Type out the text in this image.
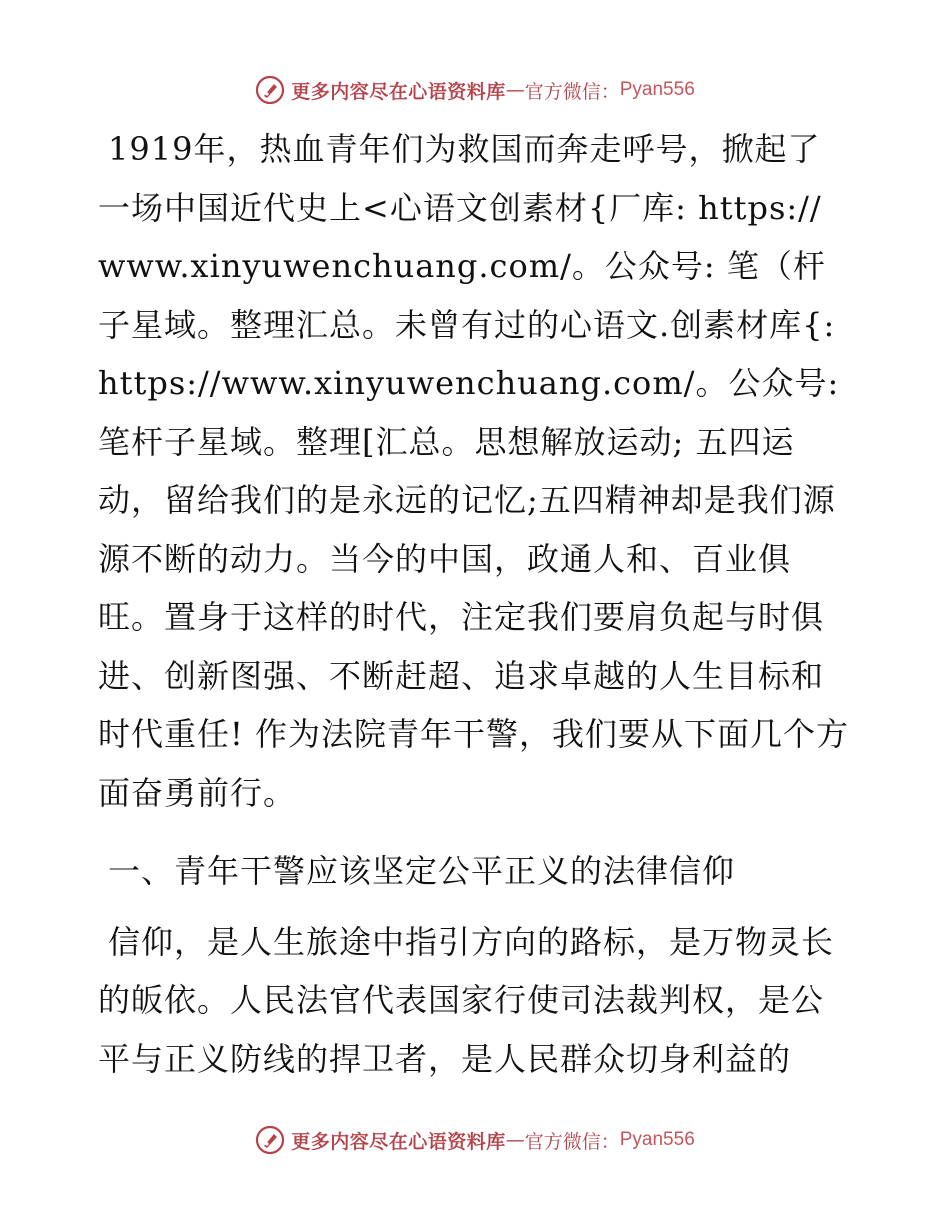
更多内容尽在心语资料库 — 官方微信： Pyan556

1919年，热血青年们为救国而奔走呼号，掀起了一场中国近代史上<心语文创素材{厂库: https://www.xinyuwenchuang.com/。公众号: 笔（杆子星域。整理汇总。未曾有过的心语文.创素材库{: https://www.xinyuwenchuang.com/。公众号: 笔杆子星域。整理[汇总。思想解放运动; 五四运动，留给我们的是永远的记忆;五四精神却是我们源源不断的动力。当今的中国，政通人和、百业俱旺。置身于这样的时代，注定我们要肩负起与时俱进、创新图强、不断赶超、追求卓越的人生目标和时代重任! 作为法院青年干警，我们要从下面几个方面奋勇前行。

一、青年干警应该坚定公平正义的法律信仰

信仰，是人生旅途中指引方向的路标，是万物灵长的皈依。人民法官代表国家行使司法裁判权，是公平与正义防线的捍卫者，是人民群众切身利益的

更多内容尽在心语资料库 — 官方微信： Pyan556
